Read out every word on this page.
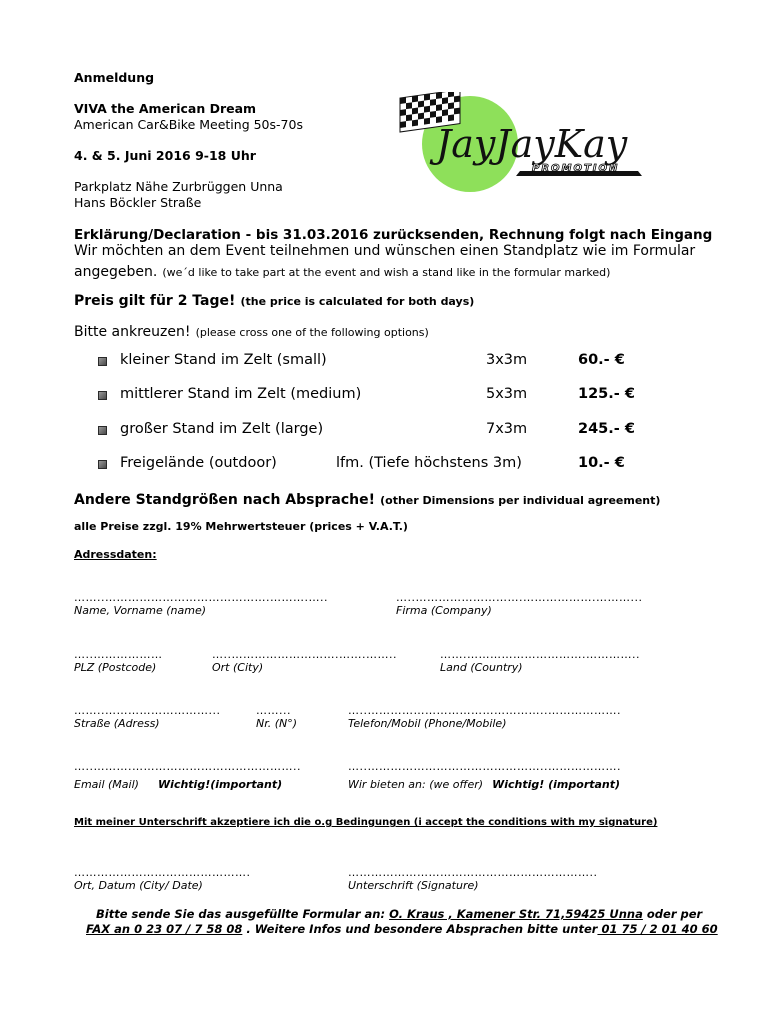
Anmeldung
VIVA the American Dream
American Car&Bike Meeting 50s-70s
4. & 5. Juni 2016 9-18 Uhr
Parkplatz Nähe Zurbrüggen Unna
Hans Böckler Straße
JayJayKay
PROMOTION
Erklärung/Declaration - bis 31.03.2016 zurücksenden, Rechnung folgt nach Eingang
Wir möchten an dem Event teilnehmen und wünschen einen Standplatz wie im Formular
angegeben. (we´d like to take part at the event and wish a stand like in the formular marked)
Preis gilt für 2 Tage! (the price is calculated for both days)
Bitte ankreuzen! (please cross one of the following options)
kleiner Stand im Zelt (small)	3x3m	60.- €
mittlerer Stand im Zelt (medium)	5x3m	125.- €
großer Stand im Zelt (large)	7x3m	245.- €
Freigelände (outdoor)	lfm. (Tiefe höchstens 3m)	10.- €
Andere Standgrößen nach Absprache! (other Dimensions per individual agreement)
alle Preise zzgl. 19% Mehrwertsteuer (prices + V.A.T.)
Adressdaten:
……..…………………………………….……….…..	…..……………………….……………….………...
Name, Vorname (name)	Firma (Company)
…..………………	…..……………………….…….……..	…….………………………….…………..
PLZ (Postcode)	Ort (City)	Land (Country)
……..………………………...	……...	…..………………………………………..……………….
Straße (Adress)	Nr. (N°)	Telefon/Mobil (Phone/Mobile)
…..……….……………………………………..	…..………………………………………..……………….
Email (Mail) Wichtig!(important)	Wir bieten an: (we offer) Wichtig! (important)
Mit meiner Unterschrift akzeptiere ich die o.g Bedingungen (i accept the conditions with my signature)
……………………………………….	………………………………………………………..
Ort, Datum (City/ Date)	Unterschrift (Signature)
Bitte sende Sie das ausgefüllte Formular an: O. Kraus , Kamener Str. 71,59425 Unna oder per
FAX an 0 23 07 / 7 58 08 . Weitere Infos und besondere Absprachen bitte unter 01 75 / 2 01 40 60
